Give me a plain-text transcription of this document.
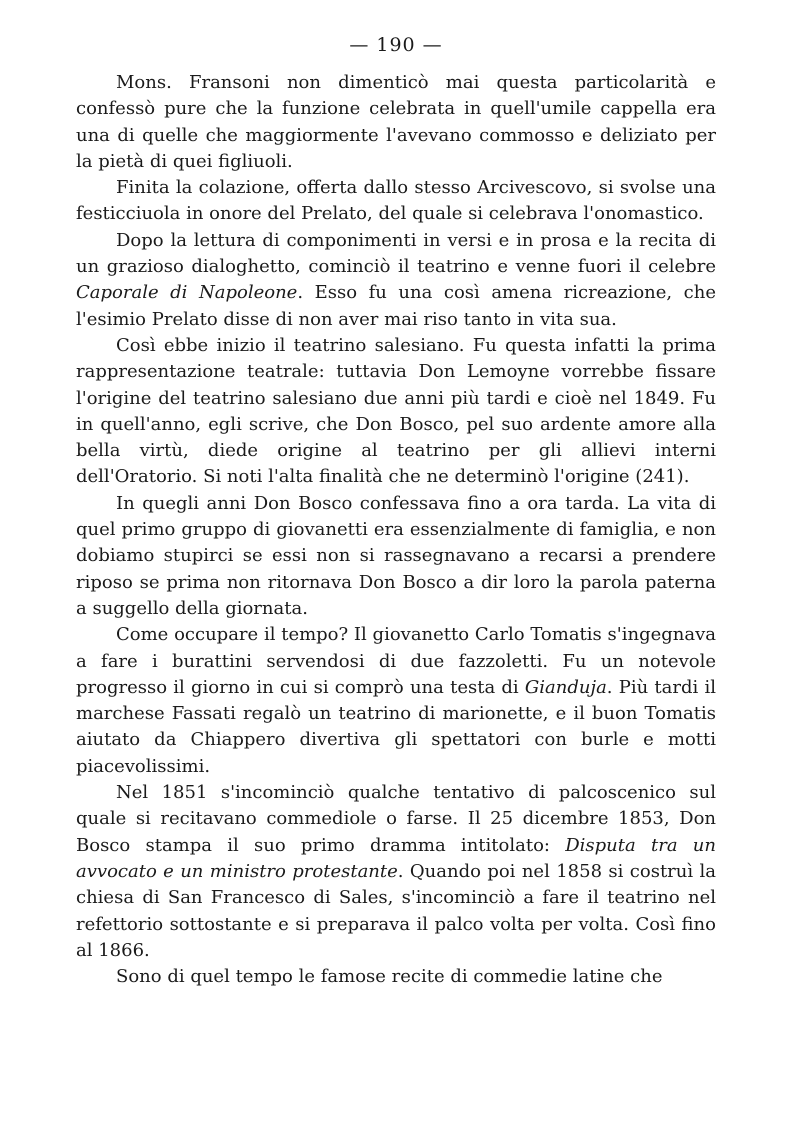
— 190 —

Mons. Fransoni non dimenticò mai questa particolarità e confessò pure che la funzione celebrata in quell'umile cappella era una di quelle che maggiormente l'avevano commosso e deliziato per la pietà di quei figliuoli.

Finita la colazione, offerta dallo stesso Arcivescovo, si svolse una festicciuola in onore del Prelato, del quale si celebrava l'onomastico.

Dopo la lettura di componimenti in versi e in prosa e la recita di un grazioso dialoghetto, cominciò il teatrino e venne fuori il celebre Caporale di Napoleone. Esso fu una così amena ricreazione, che l'esimio Prelato disse di non aver mai riso tanto in vita sua.

Così ebbe inizio il teatrino salesiano. Fu questa infatti la prima rappresentazione teatrale: tuttavia Don Lemoyne vorrebbe fissare l'origine del teatrino salesiano due anni più tardi e cioè nel 1849. Fu in quell'anno, egli scrive, che Don Bosco, pel suo ardente amore alla bella virtù, diede origine al teatrino per gli allievi interni dell'Oratorio. Si noti l'alta finalità che ne determinò l'origine (241).

In quegli anni Don Bosco confessava fino a ora tarda. La vita di quel primo gruppo di giovanetti era essenzialmente di famiglia, e non dobiamo stupirci se essi non si rassegnavano a recarsi a prendere riposo se prima non ritornava Don Bosco a dir loro la parola paterna a suggello della giornata.

Come occupare il tempo? Il giovanetto Carlo Tomatis s'ingegnava a fare i burattini servendosi di due fazzoletti. Fu un notevole progresso il giorno in cui si comprò una testa di Gianduja. Più tardi il marchese Fassati regalò un teatrino di marionette, e il buon Tomatis aiutato da Chiappero divertiva gli spettatori con burle e motti piacevolissimi.

Nel 1851 s'incominciò qualche tentativo di palcoscenico sul quale si recitavano commediole o farse. Il 25 dicembre 1853, Don Bosco stampa il suo primo dramma intitolato: Disputa tra un avvocato e un ministro protestante. Quando poi nel 1858 si costruì la chiesa di San Francesco di Sales, s'incominciò a fare il teatrino nel refettorio sottostante e si preparava il palco volta per volta. Così fino al 1866.

Sono di quel tempo le famose recite di commedie latine che
